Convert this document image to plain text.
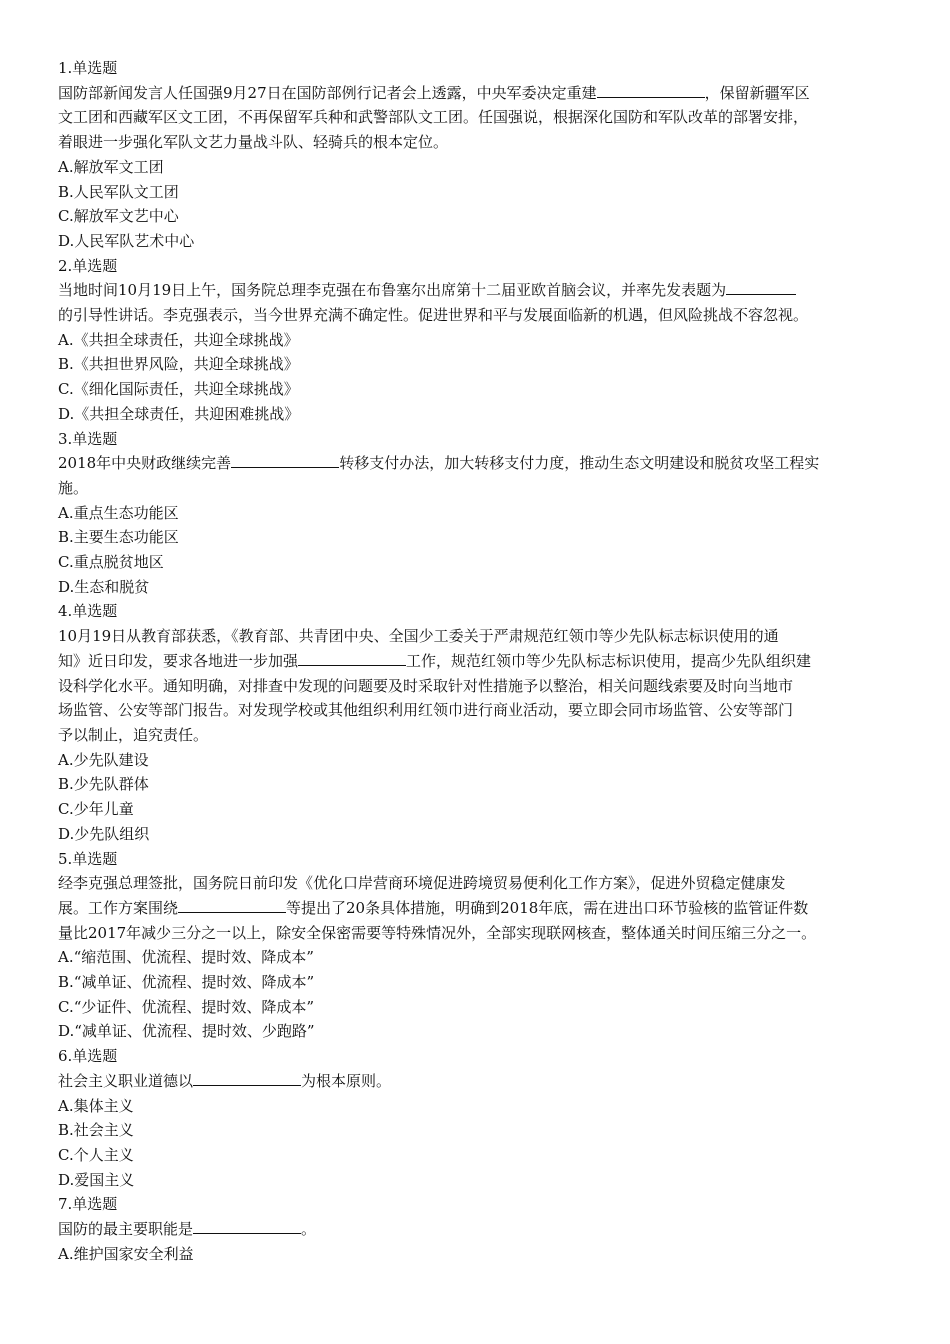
1.单选题
国防部新闻发言人任国强9月27日在国防部例行记者会上透露，中央军委决定重建	，保留新疆军区
文工团和西藏军区文工团，不再保留军兵种和武警部队文工团。任国强说，根据深化国防和军队改革的部署安排，
着眼进一步强化军队文艺力量战斗队、轻骑兵的根本定位。
A.解放军文工团
B.人民军队文工团
C.解放军文艺中心
D.人民军队艺术中心
2.单选题
当地时间10月19日上午，国务院总理李克强在布鲁塞尔出席第十二届亚欧首脑会议，并率先发表题为
的引导性讲话。李克强表示，当今世界充满不确定性。促进世界和平与发展面临新的机遇，但风险挑战不容忽视。
A.《共担全球责任，共迎全球挑战》
B.《共担世界风险，共迎全球挑战》
C.《细化国际责任，共迎全球挑战》
D.《共担全球责任，共迎困难挑战》
3.单选题
2018年中央财政继续完善	转移支付办法，加大转移支付力度，推动生态文明建设和脱贫攻坚工程实
施。
A.重点生态功能区
B.主要生态功能区
C.重点脱贫地区
D.生态和脱贫
4.单选题
10月19日从教育部获悉，《教育部、共青团中央、全国少工委关于严肃规范红领巾等少先队标志标识使用的通
知》近日印发，要求各地进一步加强	工作，规范红领巾等少先队标志标识使用，提高少先队组织建
设科学化水平。通知明确，对排查中发现的问题要及时采取针对性措施予以整治，相关问题线索要及时向当地市
场监管、公安等部门报告。对发现学校或其他组织利用红领巾进行商业活动，要立即会同市场监管、公安等部门
予以制止，追究责任。
A.少先队建设
B.少先队群体
C.少年儿童
D.少先队组织
5.单选题
经李克强总理签批，国务院日前印发《优化口岸营商环境促进跨境贸易便利化工作方案》，促进外贸稳定健康发
展。工作方案围绕	等提出了20条具体措施，明确到2018年底，需在进出口环节验核的监管证件数
量比2017年减少三分之一以上，除安全保密需要等特殊情况外，全部实现联网核查，整体通关时间压缩三分之一。
A.“缩范围、优流程、提时效、降成本”
B.“减单证、优流程、提时效、降成本”
C.“少证件、优流程、提时效、降成本”
D.“减单证、优流程、提时效、少跑路”
6.单选题
社会主义职业道德以	为根本原则。
A.集体主义
B.社会主义
C.个人主义
D.爱国主义
7.单选题
国防的最主要职能是	。
A.维护国家安全利益
